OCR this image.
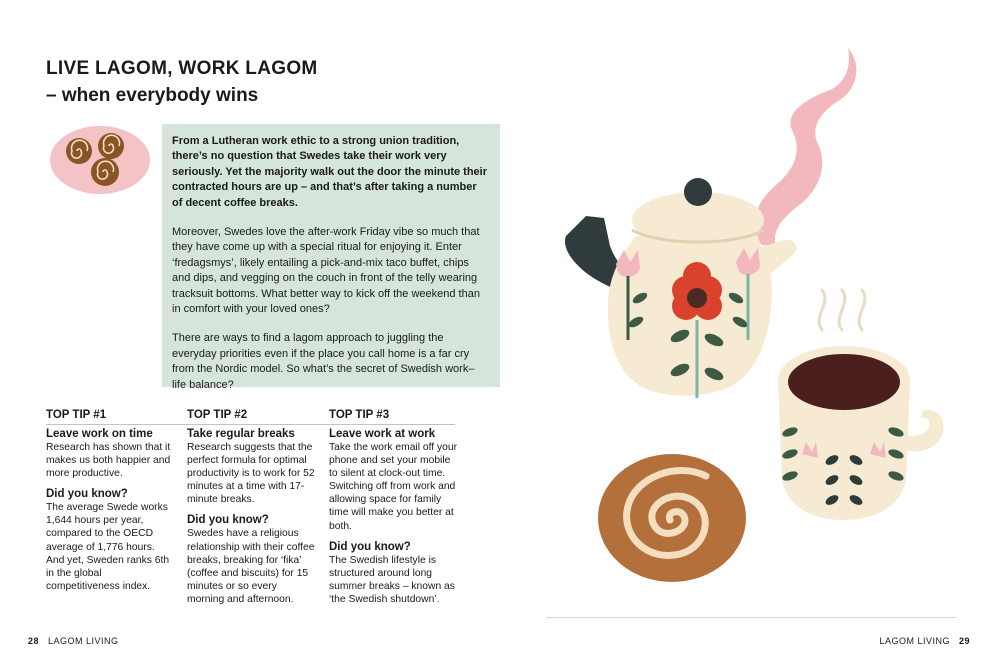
LIVE LAGOM, WORK LAGOM
– when everybody wins

From a Lutheran work ethic to a strong union tradition, there’s no question that Swedes take their work very seriously. Yet the majority walk out the door the minute their contracted hours are up – and that’s after taking a number of decent coffee breaks.

Moreover, Swedes love the after-work Friday vibe so much that they have come up with a special ritual for enjoying it. Enter ‘fredagsmys’, likely entailing a pick-and-mix taco buffet, chips and dips, and vegging on the couch in front of the telly wearing tracksuit bottoms. What better way to kick off the weekend than in comfort with your loved ones?

There are ways to find a lagom approach to juggling the everyday priorities even if the place you call home is a far cry from the Nordic model. So what’s the secret of Swedish work–life balance?

TOP TIP #1
Leave work on time

Research has shown that it makes us both happier and more productive.

Did you know?

The average Swede works 1,644 hours per year, compared to the OECD average of 1,776 hours. And yet, Sweden ranks 6th in the global competitiveness index.

TOP TIP #2
Take regular breaks

Research suggests that the perfect formula for optimal productivity is to work for 52 minutes at a time with 17-minute breaks.

Did you know?

Swedes have a religious relationship with their coffee breaks, breaking for ‘fika’ (coffee and biscuits) for 15 minutes or so every morning and afternoon.

TOP TIP #3
Leave work at work

Take the work email off your phone and set your mobile to silent at clock-out time. Switching off from work and allowing space for family time will make you better at both.

Did you know?

The Swedish lifestyle is structured around long summer breaks – known as ‘the Swedish shutdown’.

28 LAGOM LIVING	LAGOM LIVING 29
